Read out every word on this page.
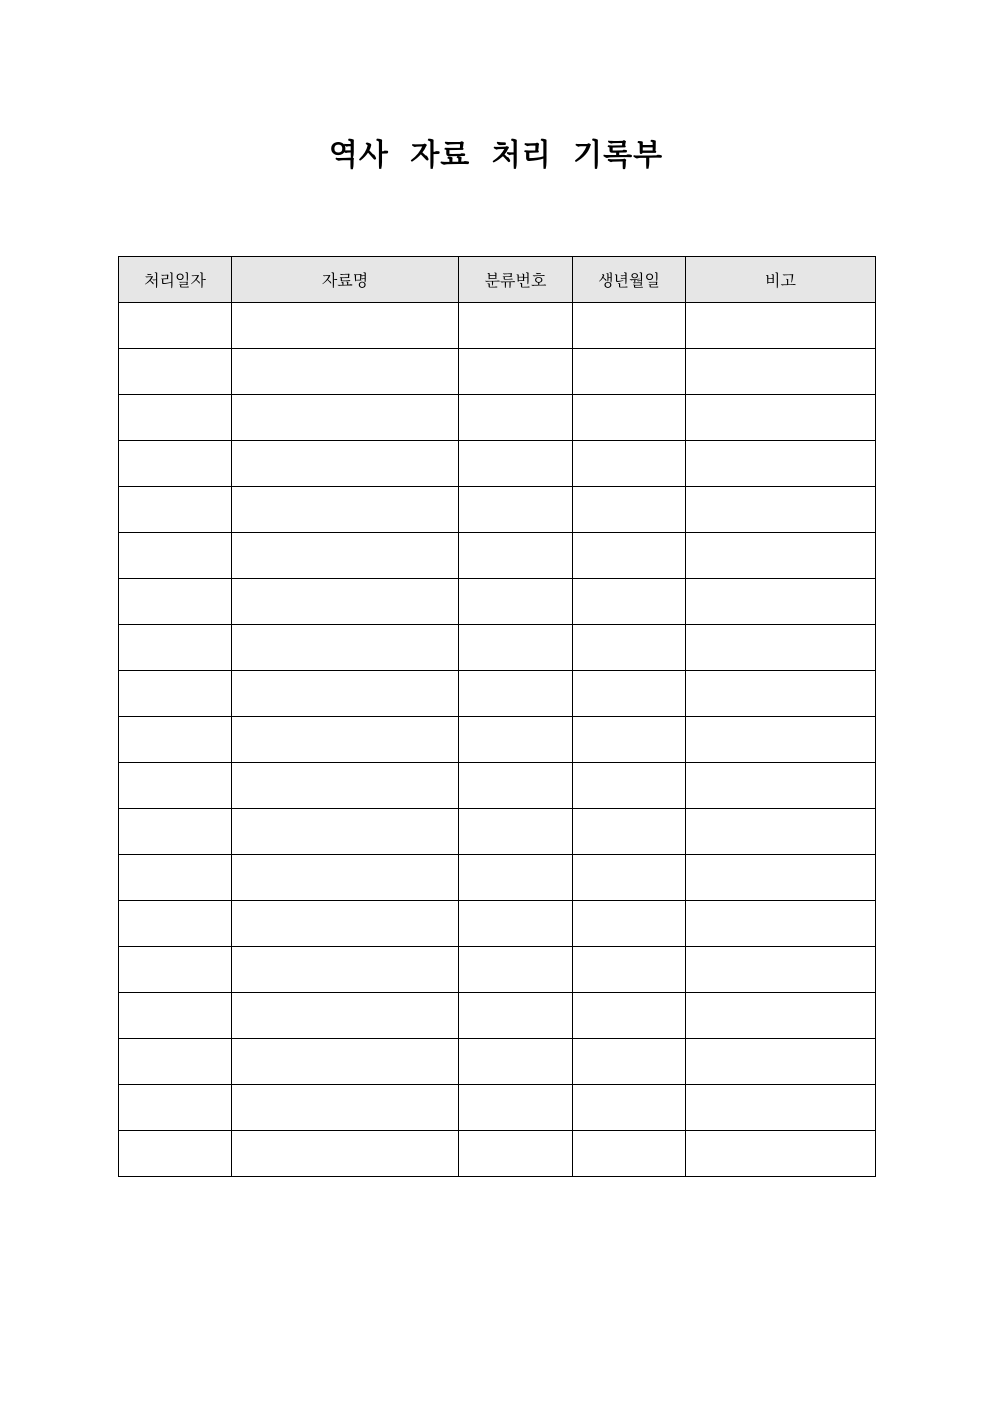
역사 자료 처리 기록부
처리일자	자료명	분류번호	생년월일	비고
